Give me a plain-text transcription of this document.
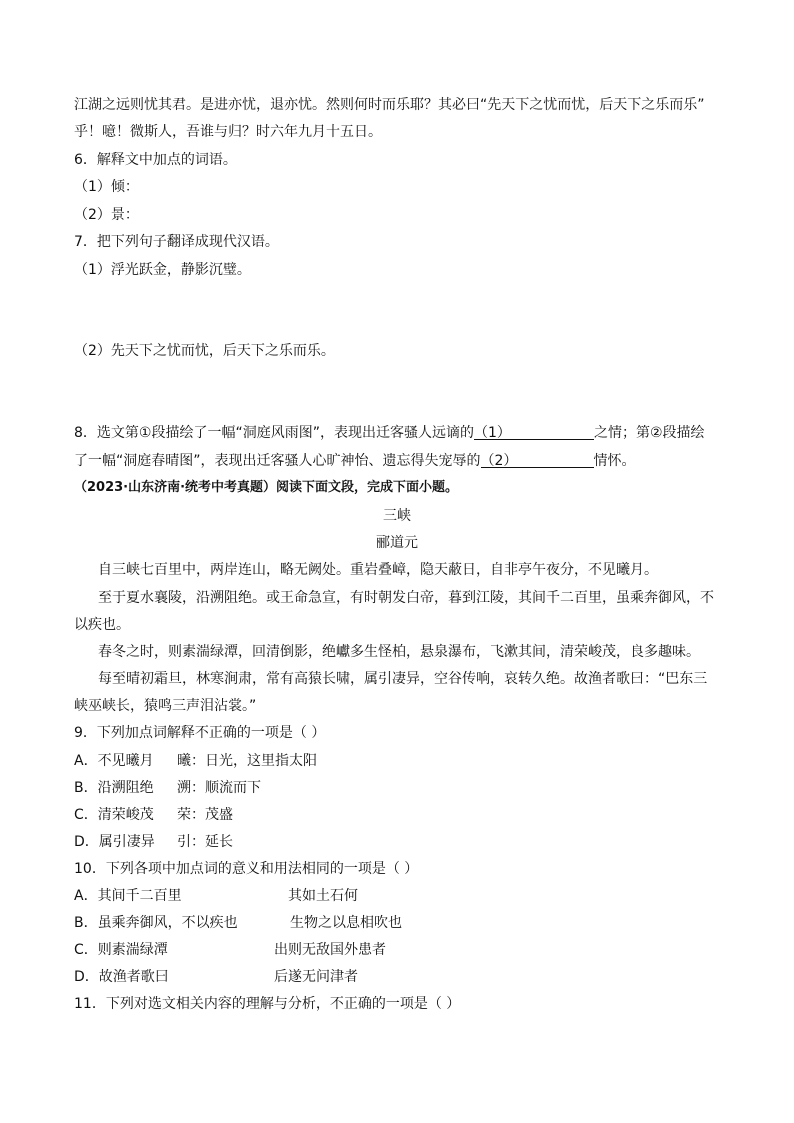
江湖之远则忧其君。是进亦忧，退亦忧。然则何时而乐耶？其必曰“先天下之忧而忧，后天下之乐而乐”
乎！噫！微斯人，吾谁与归？时六年九月十五日。
6．解释文中加点的词语。
（1）倾：
（2）景：
7．把下列句子翻译成现代汉语。
（1）浮光跃金，静影沉璧。
（2）先天下之忧而忧，后天下之乐而乐。
8．选文第①段描绘了一幅“洞庭风雨图”，表现出迁客骚人远谪的（1）	之情；第②段描绘
了一幅“洞庭春晴图”，表现出迁客骚人心旷神怡、遗忘得失宠辱的（2）	情怀。
（2023·山东济南·统考中考真题）阅读下面文段，完成下面小题。
三峡
郦道元
自三峡七百里中，两岸连山，略无阙处。重岩叠嶂，隐天蔽日，自非亭午夜分，不见曦月。
至于夏水襄陵，沿溯阻绝。或王命急宣，有时朝发白帝，暮到江陵，其间千二百里，虽乘奔御风，不
以疾也。
春冬之时，则素湍绿潭，回清倒影，绝巘多生怪柏，悬泉瀑布，飞漱其间，清荣峻茂，良多趣味。
每至晴初霜旦，林寒涧肃，常有高猿长啸，属引凄异，空谷传响，哀转久绝。故渔者歌曰：“巴东三
峡巫峡长，猿鸣三声泪沾裳。”
9．下列加点词解释不正确的一项是（ ）
A．不见曦月 曦：日光，这里指太阳
B．沿溯阻绝 溯：顺流而下
C．清荣峻茂 荣：茂盛
D．属引凄异 引：延长
10．下列各项中加点词的意义和用法相同的一项是（ ）
A．其间千二百里	其如土石何
B．虽乘奔御风，不以疾也	生物之以息相吹也
C．则素湍绿潭	出则无敌国外患者
D．故渔者歌曰	后遂无问津者
11．下列对选文相关内容的理解与分析，不正确的一项是（ ）
